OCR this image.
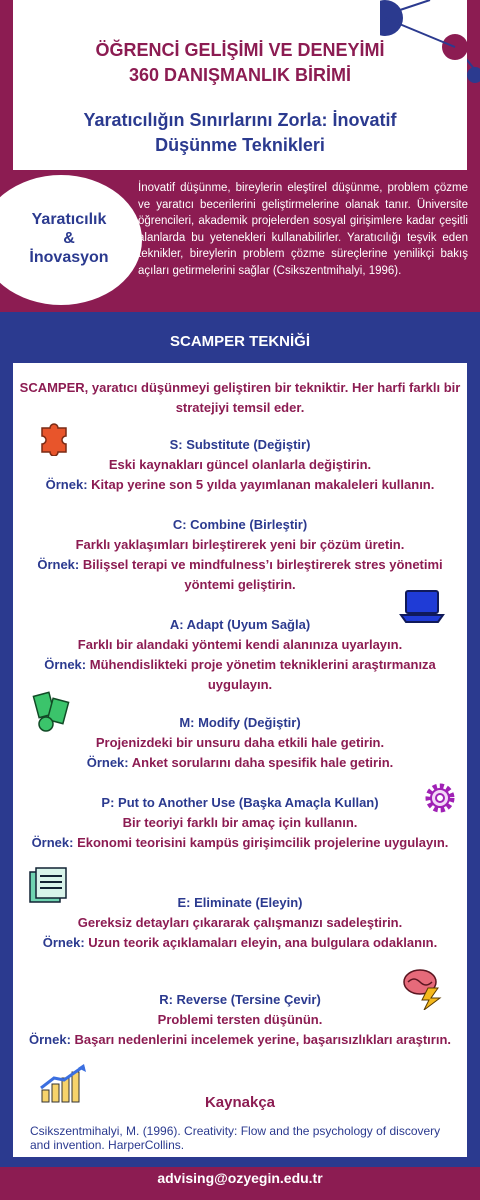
ÖĞRENCİ GELİŞİMİ VE DENEYİMİ
360 DANIŞMANLIK BİRİMİ
Yaratıcılığın Sınırlarını Zorla: İnovatif
Düşünme Teknikleri
Yaratıcılık
&
İnovasyon
İnovatif düşünme, bireylerin eleştirel düşünme, problem çözme ve yaratıcı becerilerini geliştirmelerine olanak tanır. Üniversite öğrencileri, akademik projelerden sosyal girişimlere kadar çeşitli alanlarda bu yetenekleri kullanabilirler. Yaratıcılığı teşvik eden teknikler, bireylerin problem çözme süreçlerine yenilikçi bakış açıları getirmelerini sağlar (Csikszentmihalyi, 1996).
SCAMPER TEKNİĞİ
SCAMPER, yaratıcı düşünmeyi geliştiren bir tekniktir. Her harfi farklı bir stratejiyi temsil eder.
S: Substitute (Değiştir)
Eski kaynakları güncel olanlarla değiştirin.
Örnek: Kitap yerine son 5 yılda yayımlanan makaleleri kullanın.
C: Combine (Birleştir)
Farklı yaklaşımları birleştirerek yeni bir çözüm üretin.
Örnek: Bilişsel terapi ve mindfulness’ı birleştirerek stres yönetimi yöntemi geliştirin.
A: Adapt (Uyum Sağla)
Farklı bir alandaki yöntemi kendi alanınıza uyarlayın.
Örnek: Mühendislikteki proje yönetim tekniklerini araştırmanıza uygulayın.
M: Modify (Değiştir)
Projenizdeki bir unsuru daha etkili hale getirin.
Örnek: Anket sorularını daha spesifik hale getirin.
P: Put to Another Use (Başka Amaçla Kullan)
Bir teoriyi farklı bir amaç için kullanın.
Örnek: Ekonomi teorisini kampüs girişimcilik projelerine uygulayın.
E: Eliminate (Eleyin)
Gereksiz detayları çıkararak çalışmanızı sadeleştirin.
Örnek: Uzun teorik açıklamaları eleyin, ana bulgulara odaklanın.
R: Reverse (Tersine Çevir)
Problemi tersten düşünün.
Örnek: Başarı nedenlerini incelemek yerine, başarısızlıkları araştırın.
Kaynakça
Csikszentmihalyi, M. (1996). Creativity: Flow and the psychology of discovery and invention. HarperCollins.
advising@ozyegin.edu.tr
